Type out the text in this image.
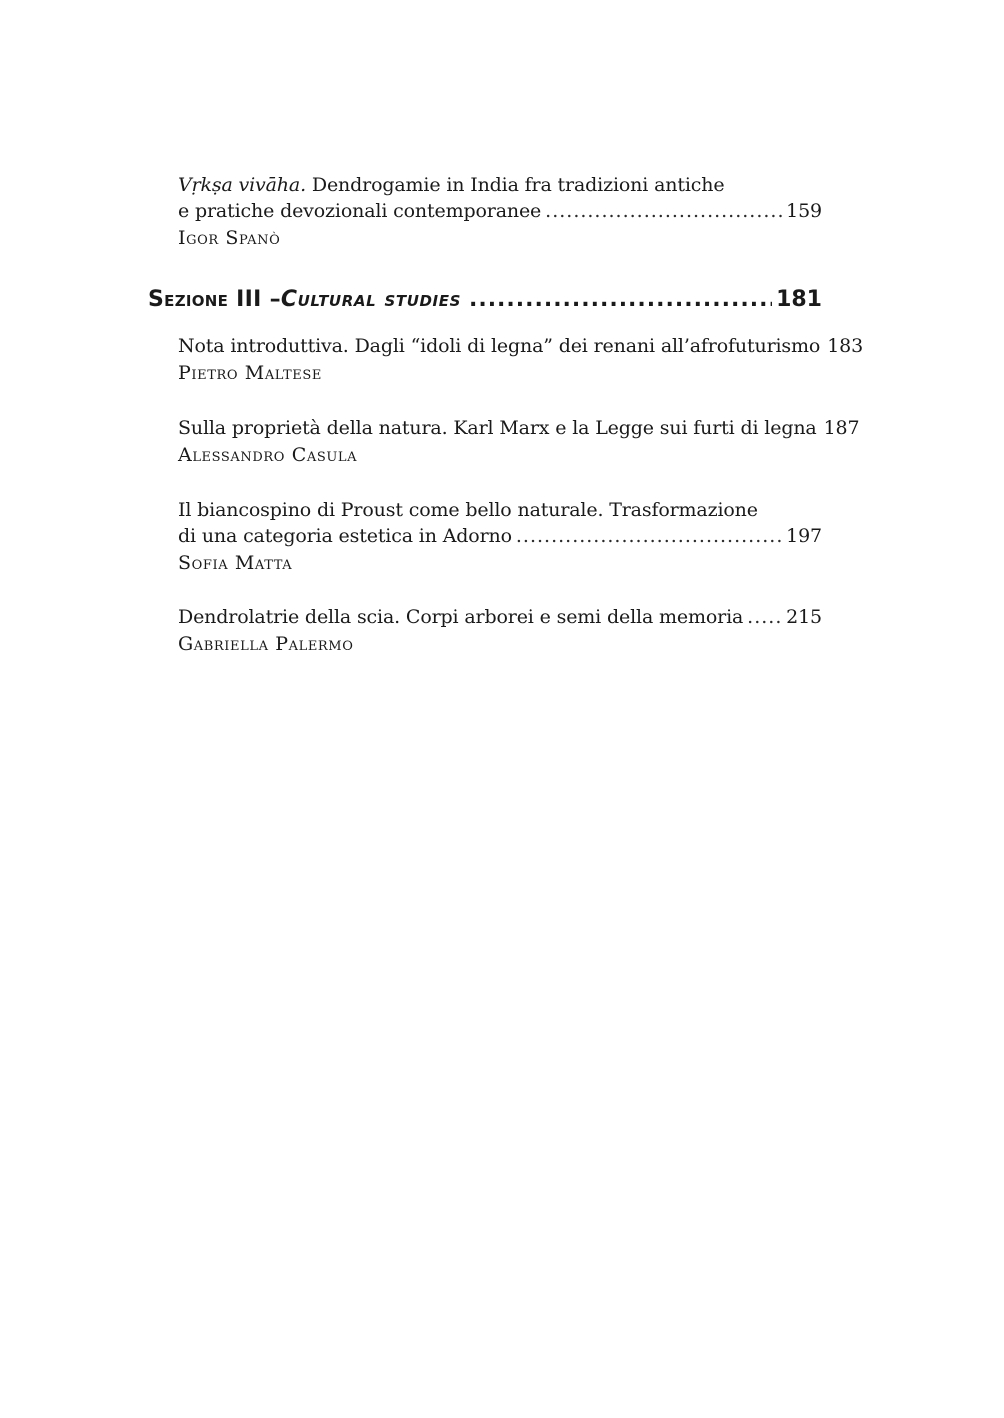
Vṛkṣa vivāha. Dendrogamie in India fra tradizioni antiche
e pratiche devozionali contemporanee .....	159
Igor Spanò
Sezione III – Cultural studies .....	181
Nota introduttiva. Dagli “idoli di legna” dei renani all’afrofuturismo 183
Pietro Maltese
Sulla proprietà della natura. Karl Marx e la Legge sui furti di legna 187
Alessandro Casula
Il biancospino di Proust come bello naturale. Trasformazione
di una categoria estetica in Adorno .....	197
Sofia Matta
Dendrolatrie della scia. Corpi arborei e semi della memoria ..... 215
Gabriella Palermo
